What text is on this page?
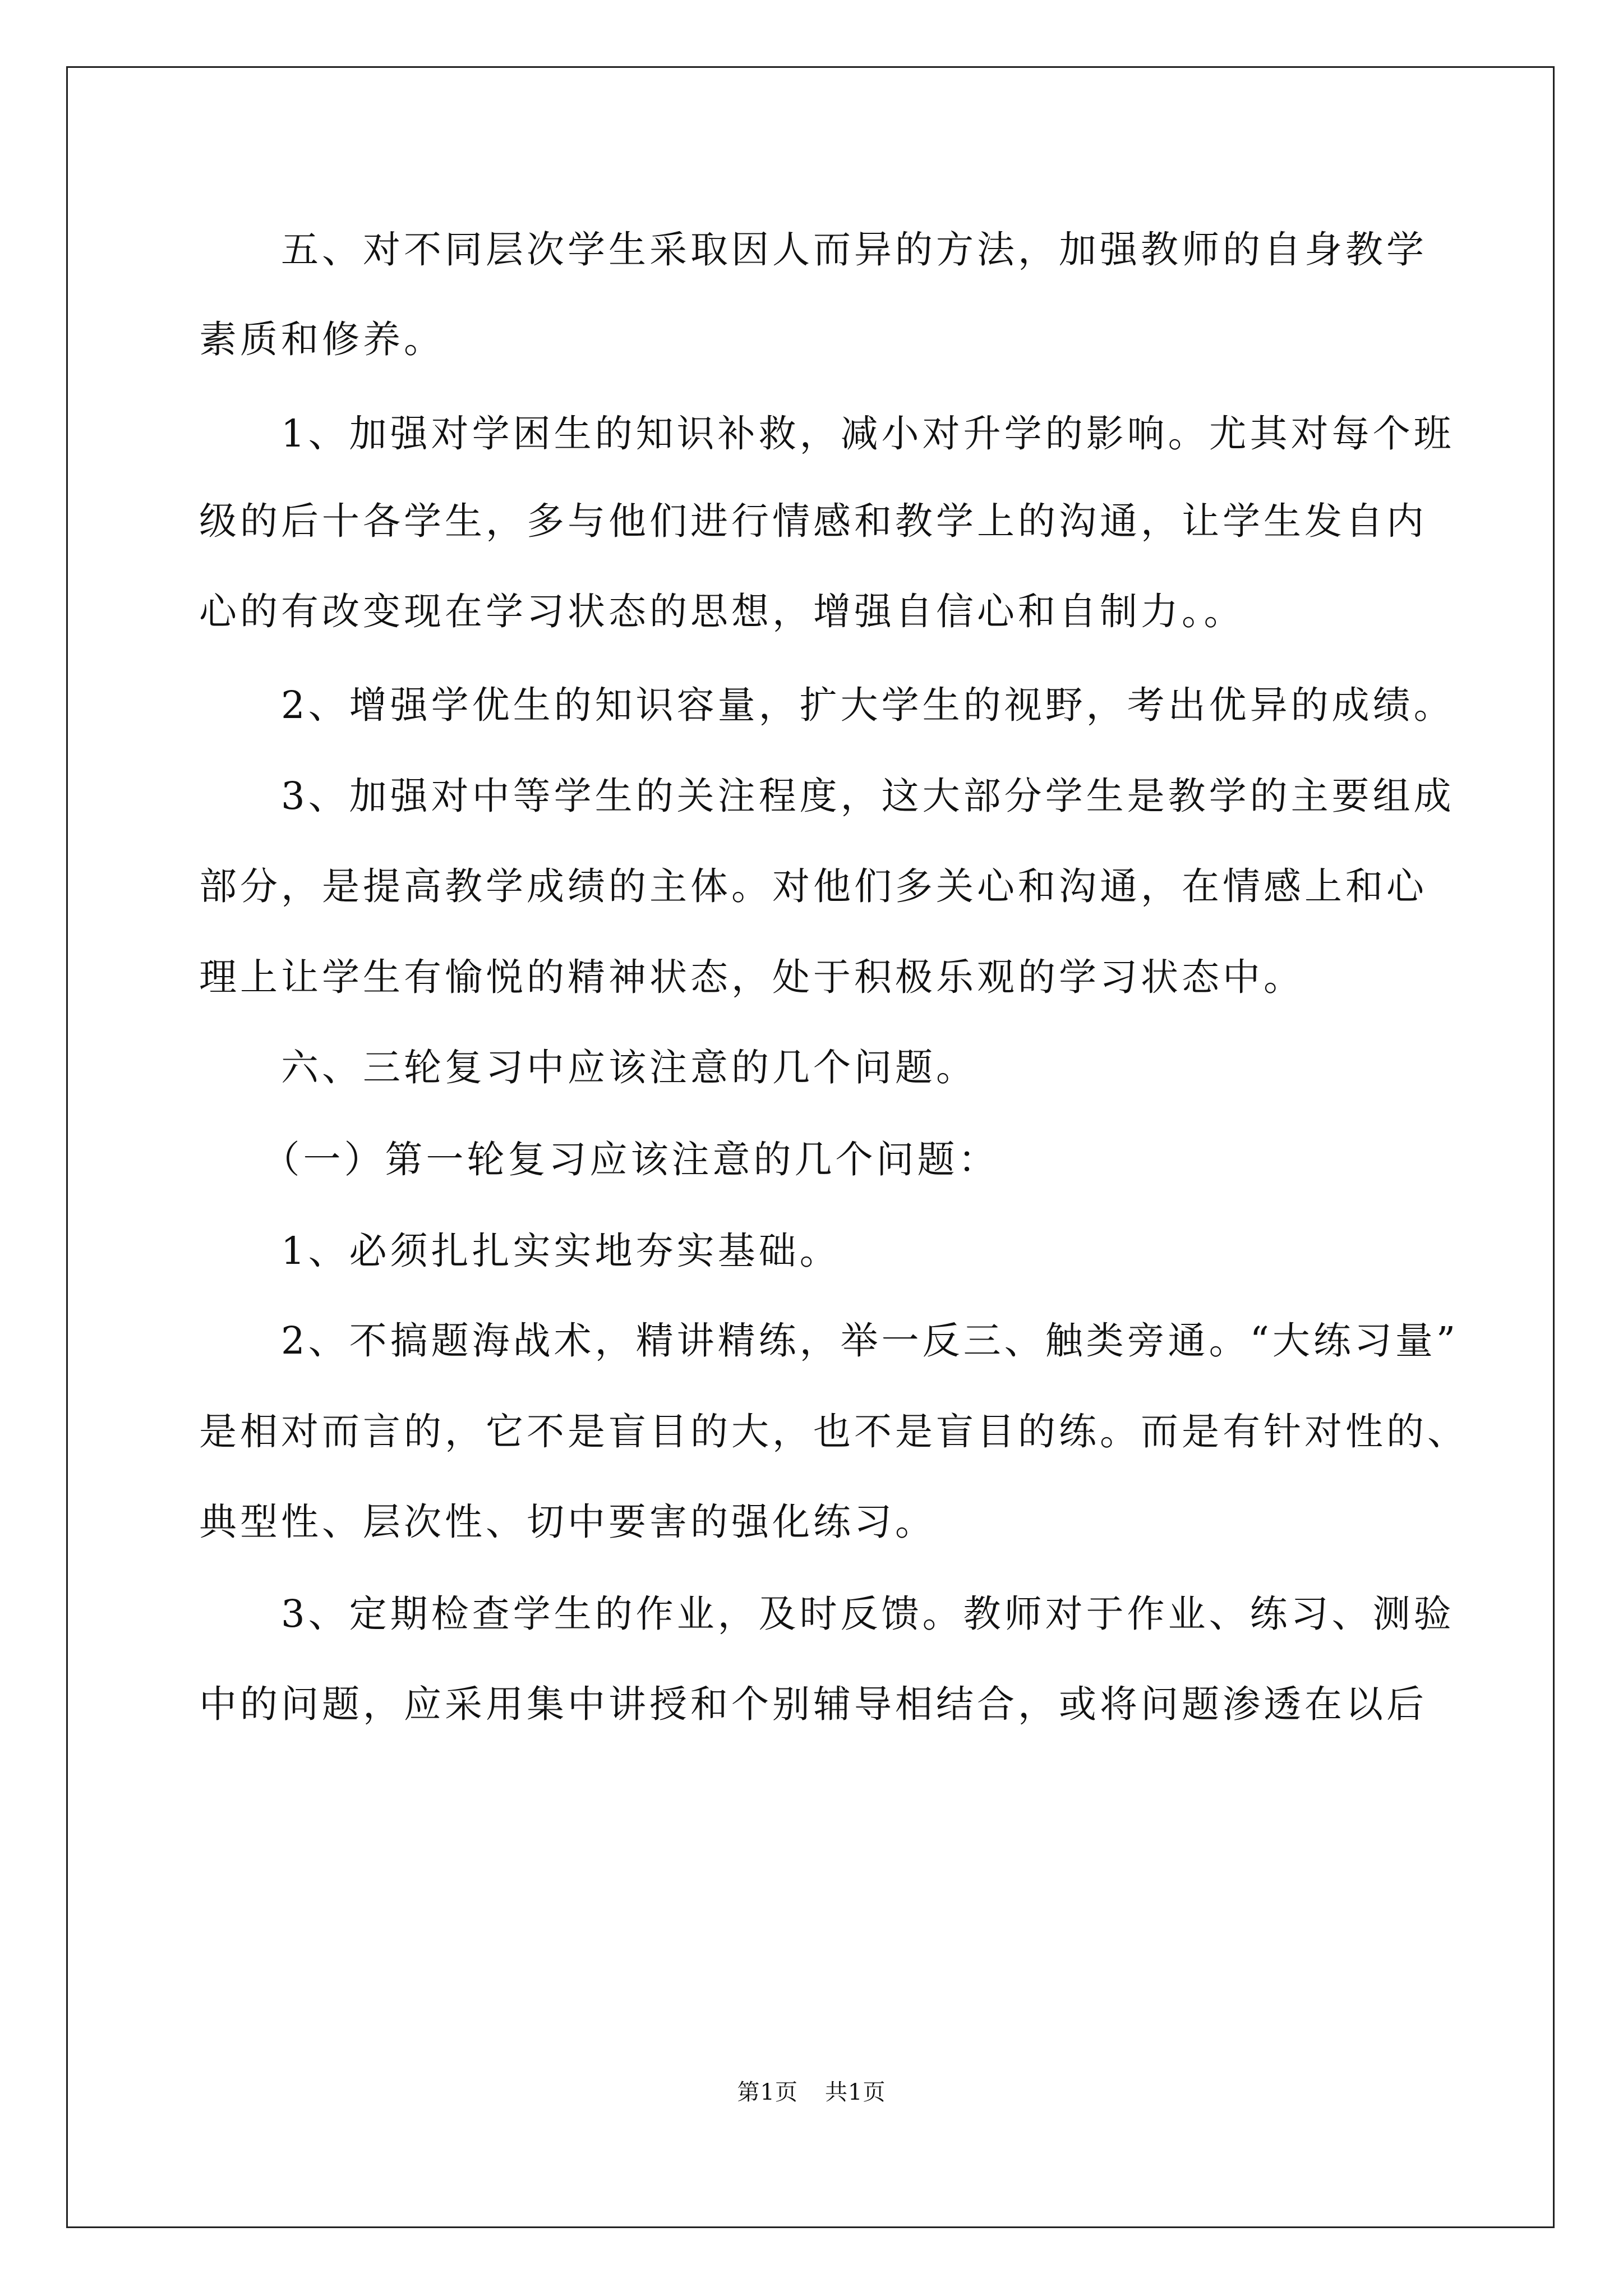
　　五、对不同层次学生采取因人而异的方法，加强教师的自身教学
素质和修养。
　　1、加强对学困生的知识补救，减小对升学的影响。尤其对每个班
级的后十各学生，多与他们进行情感和教学上的沟通，让学生发自内
心的有改变现在学习状态的思想，增强自信心和自制力。。
　　2、增强学优生的知识容量，扩大学生的视野，考出优异的成绩。
　　3、加强对中等学生的关注程度，这大部分学生是教学的主要组成
部分，是提高教学成绩的主体。对他们多关心和沟通，在情感上和心
理上让学生有愉悦的精神状态，处于积极乐观的学习状态中。
　　六、三轮复习中应该注意的几个问题。
　　（一）第一轮复习应该注意的几个问题：
　　1、必须扎扎实实地夯实基础。
　　2、不搞题海战术，精讲精练，举一反三、触类旁通。“大练习量”
是相对而言的，它不是盲目的大，也不是盲目的练。而是有针对性的、
典型性、层次性、切中要害的强化练习。
　　3、定期检查学生的作业，及时反馈。教师对于作业、练习、测验
中的问题，应采用集中讲授和个别辅导相结合，或将问题渗透在以后
第1页 共1页
